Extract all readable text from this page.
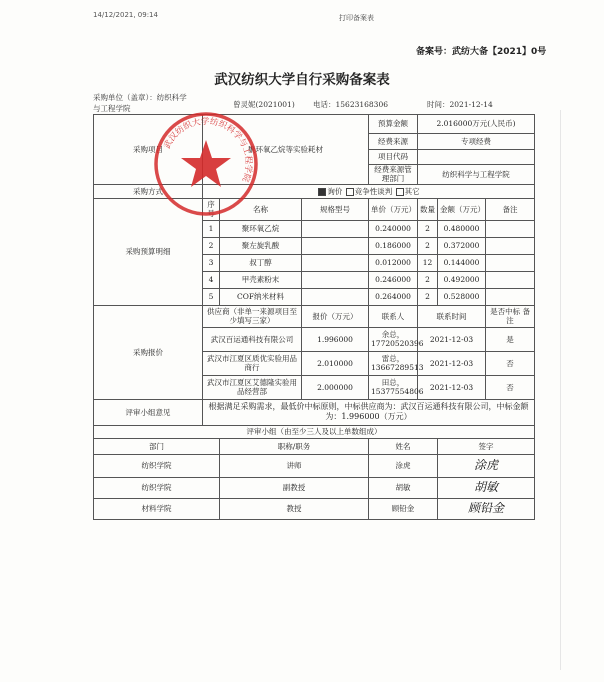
14/12/2021, 09:14	打印备案表
备案号：武纺大备【2021】0号
武汉纺织大学自行采购备案表
采购单位（盖章）：纺织科学
曾灵妮(2021001) 电话：15623168306	时间：2021-12-14
与工程学院
采购项目	聚环氧乙烷等实验耗材			预算金额	2.016000万元(人民币)		
				经费来源	专项经费		
				项目代码			
				经费来源管理部门	纺织科学与工程学院		
采购方式	询价 竞争性谈判 其它						
采购预算明细	序号	名称	规格型号	单价（万元）	数量	金额（万元）	备注
	1	聚环氧乙烷		0.240000	2	0.480000	
	2	聚左旋乳酸		0.186000	2	0.372000	
	3	叔丁醇		0.012000	12	0.144000	
	4	甲壳素粉末		0.246000	2	0.492000	
	5	COF纳米材料		0.264000	2	0.528000	
采购报价	供应商（非单一来源项目至少填写三家）		报价（万元）	联系人	联系时间		是否中标 备注
	武汉百运通科技有限公司		1.996000	余总，
17720520396	2021-12-03		是
	武汉市江夏区质优实验用品商行		2.010000	雷总，
13667289513	2021-12-03		否
	武汉市江夏区艾德隆实验用品经营部		2.000000	田总，
15377554806	2021-12-03		否
评审小组意见	根据满足采购需求，最低价中标原则，中标供应商为：武汉百运通科技有限公司，中标金额为：1.996000（万元）						
评审小组（由至少三人及以上单数组成）							
部门		职称/职务		姓名		签字	
纺织学院		讲师		涂虎		涂虎	
纺织学院		副教授		胡敏		胡敏	
材料学院		教授		顾铅金		顾铅金	
武汉纺织大学纺织科学与工程学院
